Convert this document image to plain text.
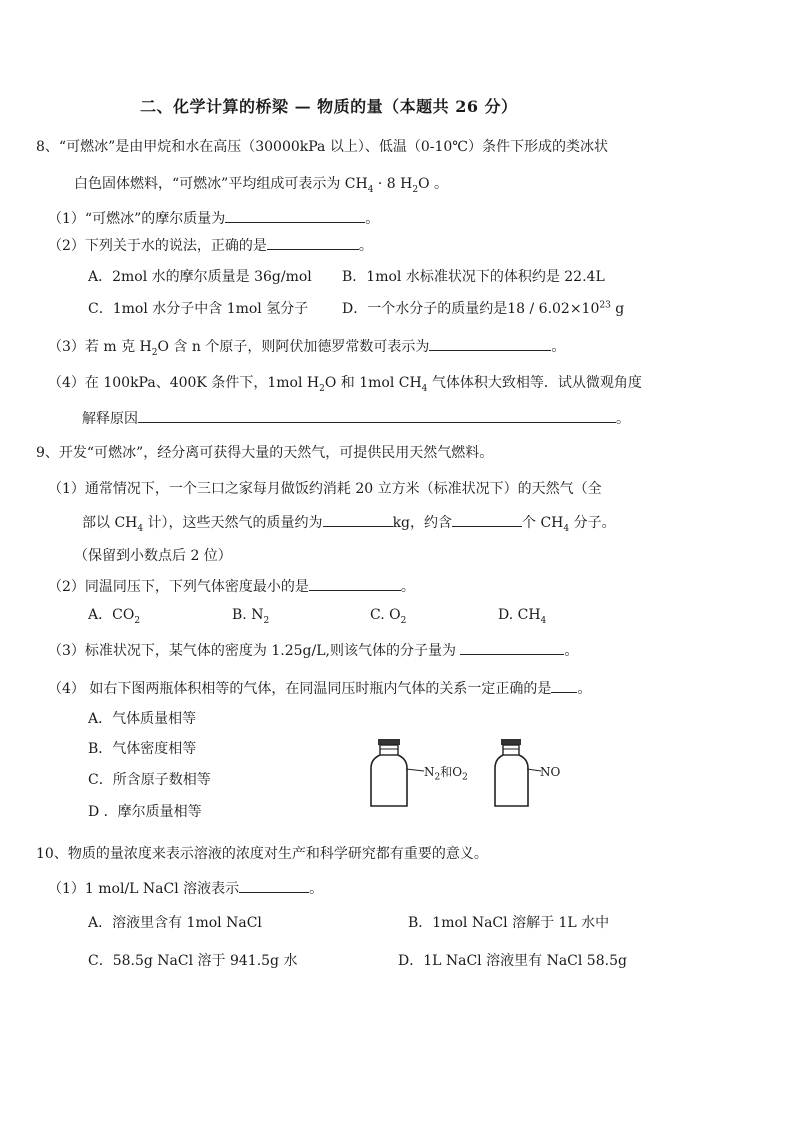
二、化学计算的桥梁 — 物质的量（本题共 26 分）
8、“可燃冰”是由甲烷和水在高压（30000kPa 以上）、低温（0-10℃）条件下形成的类冰状
白色固体燃料，“可燃冰”平均组成可表示为 $CH_4 \cdot 8$ $H_2O$ 。
（1）“可燃冰”的摩尔质量为	。
（2）下列关于水的说法，正确的是	。
A．2mol 水的摩尔质量是 36g/mol B．1mol 水标准状况下的体积约是 22.4L
C．1mol 水分子中含 1mol 氢分子 D．一个水分子的质量约是$18 / 6.02\times 10^{23}$ g
（3）若 m 克 $H_2O$ 含 n 个原子，则阿伏加德罗常数可表示为	。
（4）在 100kPa、400K 条件下，1mol $H_2O$ 和 1mol $CH_4$ 气体体积大致相等．试从微观角度
解释原因	。
9、开发“可燃冰”，经分离可获得大量的天然气，可提供民用天然气燃料。
（1）通常情况下，一个三口之家每月做饭约消耗 20 立方米（标准状况下）的天然气（全
部以 $CH_4$ 计），这些天然气的质量约为	kg，约含	个 $CH_4$ 分子。
（保留到小数点后 2 位）
（2）同温同压下，下列气体密度最小的是	。
A．$CO_2$	B. $N_2$	C. $O_2$	D. $CH_4$
（3）标准状况下，某气体的密度为 1.25g/L,则该气体的分子量为	。
（4） 如右下图两瓶体积相等的气体，在同温同压时瓶内气体的关系一定正确的是 。
A．气体质量相等
B．气体密度相等
C．所含原子数相等
D ．摩尔质量相等
$N_2$和$O_2$	NO
10、物质的量浓度来表示溶液的浓度对生产和科学研究都有重要的意义。
（1）1 mol/L NaCl 溶液表示	。
A．溶液里含有 1mol NaCl	B．1mol NaCl 溶解于 1L 水中
C．58.5g NaCl 溶于 941.5g 水	D．1L NaCl 溶液里有 NaCl 58.5g
